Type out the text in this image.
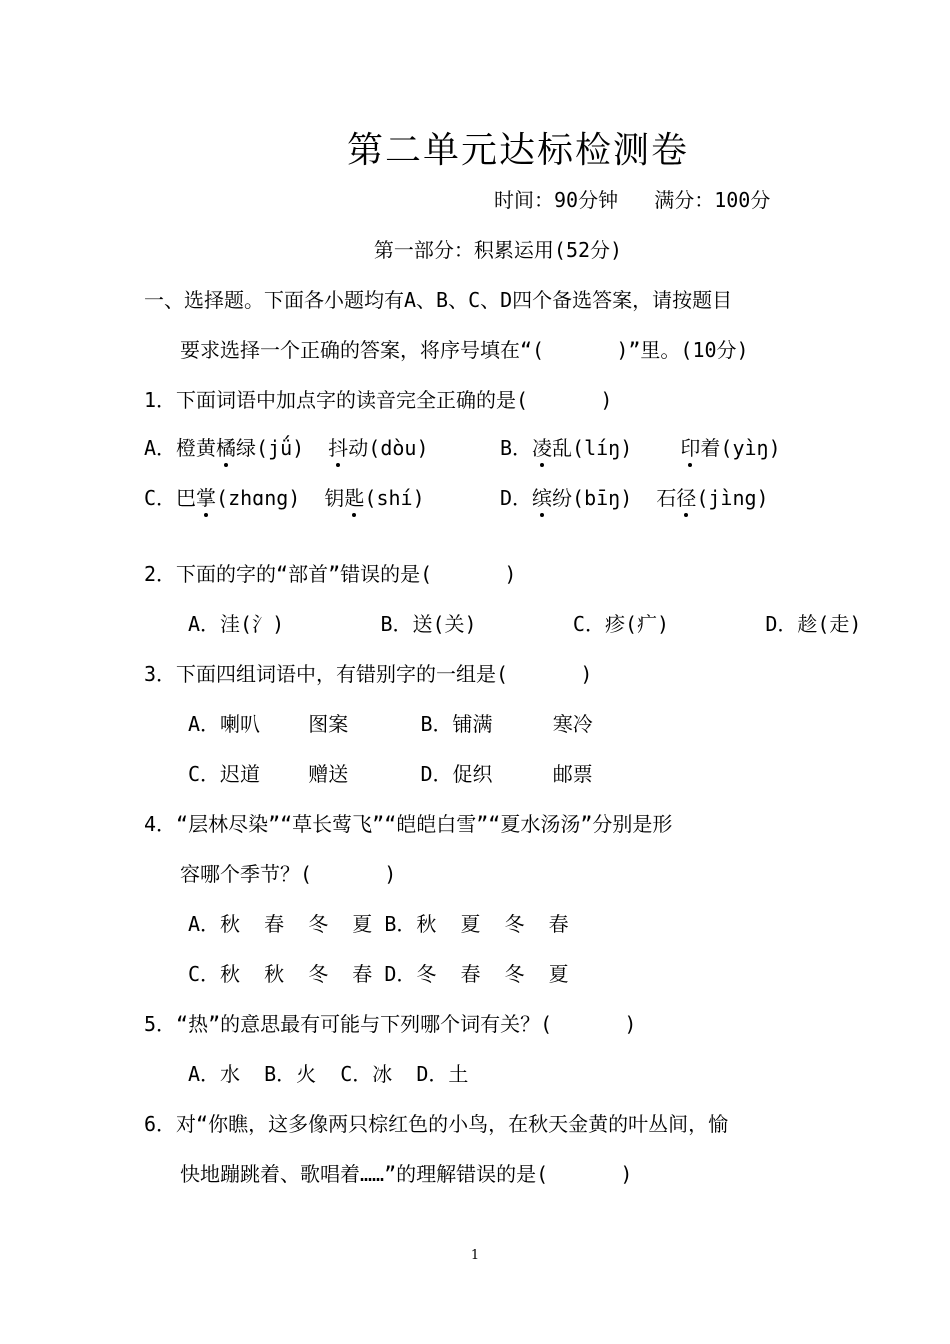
第二单元达标检测卷
时间：90分钟   满分：100分
第一部分：积累运用(52分)
一、选择题。下面各小题均有A、B、C、D四个备选答案，请按题目
要求选择一个正确的答案，将序号填在“(      )”里。(10分)
1．下面词语中加点字的读音完全正确的是(      )
A．橙黄橘绿(jǘ)  抖动(dòu)	B．凌乱(líŋ)    印着(yìŋ)
C．巴掌(zhɑng)  钥匙(shí)	D．缤纷(bīŋ)  石径(jìng)
2．下面的字的“部首”错误的是(      )
A．洼(氵)        B．送(关)        C．疹(疒)        D．趁(走)
3．下面四组词语中，有错别字的一组是(      )
A．喇叭    图案      B．铺满     寒冷
C．迟道    赠送      D．促织     邮票
4．“层林尽染”“草长莺飞”“皑皑白雪”“夏水汤汤”分别是形
容哪个季节？(      )
A．秋  春  冬  夏 B．秋  夏  冬  春
C．秋  秋  冬  春 D．冬  春  冬  夏
5．“热”的意思最有可能与下列哪个词有关？(      )
A．水  B．火  C．冰  D．土
6．对“你瞧，这多像两只棕红色的小鸟，在秋天金黄的叶丛间，愉
快地蹦跳着、歌唱着……”的理解错误的是(      )
1
